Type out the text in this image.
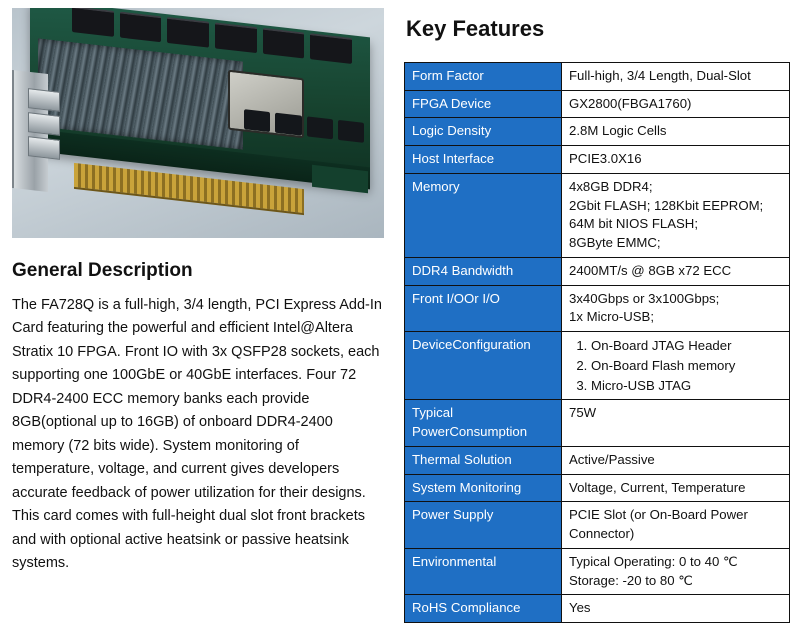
General Description

The FA728Q is a full-high, 3/4 length, PCI Express Add-In Card featuring the powerful and efficient Intel@Altera Stratix 10 FPGA. Front IO with 3x QSFP28 sockets, each supporting one 100GbE or 40GbE interfaces. Four 72 DDR4-2400 ECC memory banks each provide 8GB(optional up to 16GB) of onboard DDR4-2400 memory (72 bits wide). System monitoring of temperature, voltage, and current gives developers accurate feedback of power utilization for their designs. This card comes with full-height dual slot front brackets and with optional active heatsink or passive heatsink systems.

Key Features
Form Factor	Full-high, 3/4 Length, Dual-Slot

FPGA Device	GX2800(FBGA1760)

Logic Density	2.8M Logic Cells

Host Interface	PCIE3.0X16

Memory	4x8GB DDR4;
2Gbit FLASH; 128Kbit EEPROM;
64M bit NIOS FLASH;
8GByte EMMC;

DDR4 Bandwidth	2400MT/s @ 8GB x72 ECC

Front I/OOr I/O	3x40Gbps or 3x100Gbps;
1x Micro-USB;

DeviceConfiguration	
1.On-Board JTAG Header
2. On-Board Flash memory
3. Micro-USB JTAG

Typical PowerConsumption	75W

Thermal Solution	Active/Passive

System Monitoring	Voltage, Current, Temperature

Power Supply	PCIE Slot (or On-Board Power
Connector)

Environmental	Typical Operating: 0 to 40 ℃
Storage: -20 to 80 ℃

RoHS Compliance	Yes
